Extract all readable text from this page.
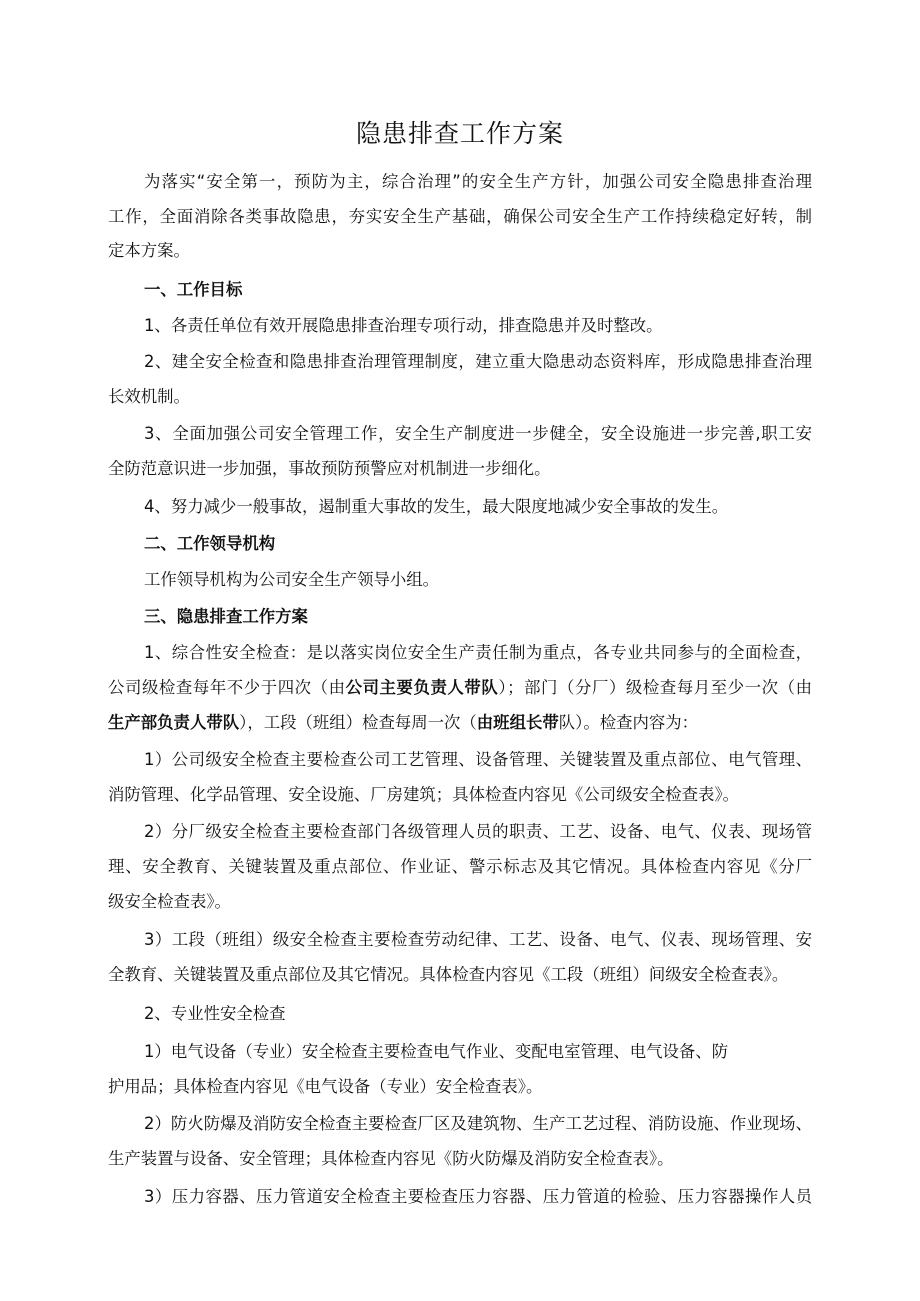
隐患排查工作方案
为落实“安全第一，预防为主，综合治理”的安全生产方针，加强公司安全隐患排查治理
工作，全面消除各类事故隐患，夯实安全生产基础，确保公司安全生产工作持续稳定好转，制
定本方案。
一、工作目标
1、各责任单位有效开展隐患排查治理专项行动，排查隐患并及时整改。
2、建全安全检查和隐患排查治理管理制度，建立重大隐患动态资料库，形成隐患排查治理
长效机制。
3、全面加强公司安全管理工作，安全生产制度进一步健全，安全设施进一步完善,职工安
全防范意识进一步加强，事故预防预警应对机制进一步细化。
4、努力减少一般事故，遏制重大事故的发生，最大限度地减少安全事故的发生。
二、工作领导机构
工作领导机构为公司安全生产领导小组。
三、隐患排查工作方案
1、综合性安全检查：是以落实岗位安全生产责任制为重点，各专业共同参与的全面检查，
公司级检查每年不少于四次（由公司主要负责人带队）；部门（分厂）级检查每月至少一次（由
生产部负责人带队），工段（班组）检查每周一次（由班组长带队）。检查内容为：
1）公司级安全检查主要检查公司工艺管理、设备管理、关键装置及重点部位、电气管理、
消防管理、化学品管理、安全设施、厂房建筑；具体检查内容见《公司级安全检查表》。
2）分厂级安全检查主要检查部门各级管理人员的职责、工艺、设备、电气、仪表、现场管
理、安全教育、关键装置及重点部位、作业证、警示标志及其它情况。具体检查内容见《分厂
级安全检查表》。
3）工段（班组）级安全检查主要检查劳动纪律、工艺、设备、电气、仪表、现场管理、安
全教育、关键装置及重点部位及其它情况。具体检查内容见《工段（班组）间级安全检查表》。
2、专业性安全检查
1）电气设备（专业）安全检查主要检查电气作业、变配电室管理、电气设备、防
护用品；具体检查内容见《电气设备（专业）安全检查表》。
2）防火防爆及消防安全检查主要检查厂区及建筑物、生产工艺过程、消防设施、作业现场、
生产装置与设备、安全管理；具体检查内容见《防火防爆及消防安全检查表》。
3）压力容器、压力管道安全检查主要检查压力容器、压力管道的检验、压力容器操作人员
